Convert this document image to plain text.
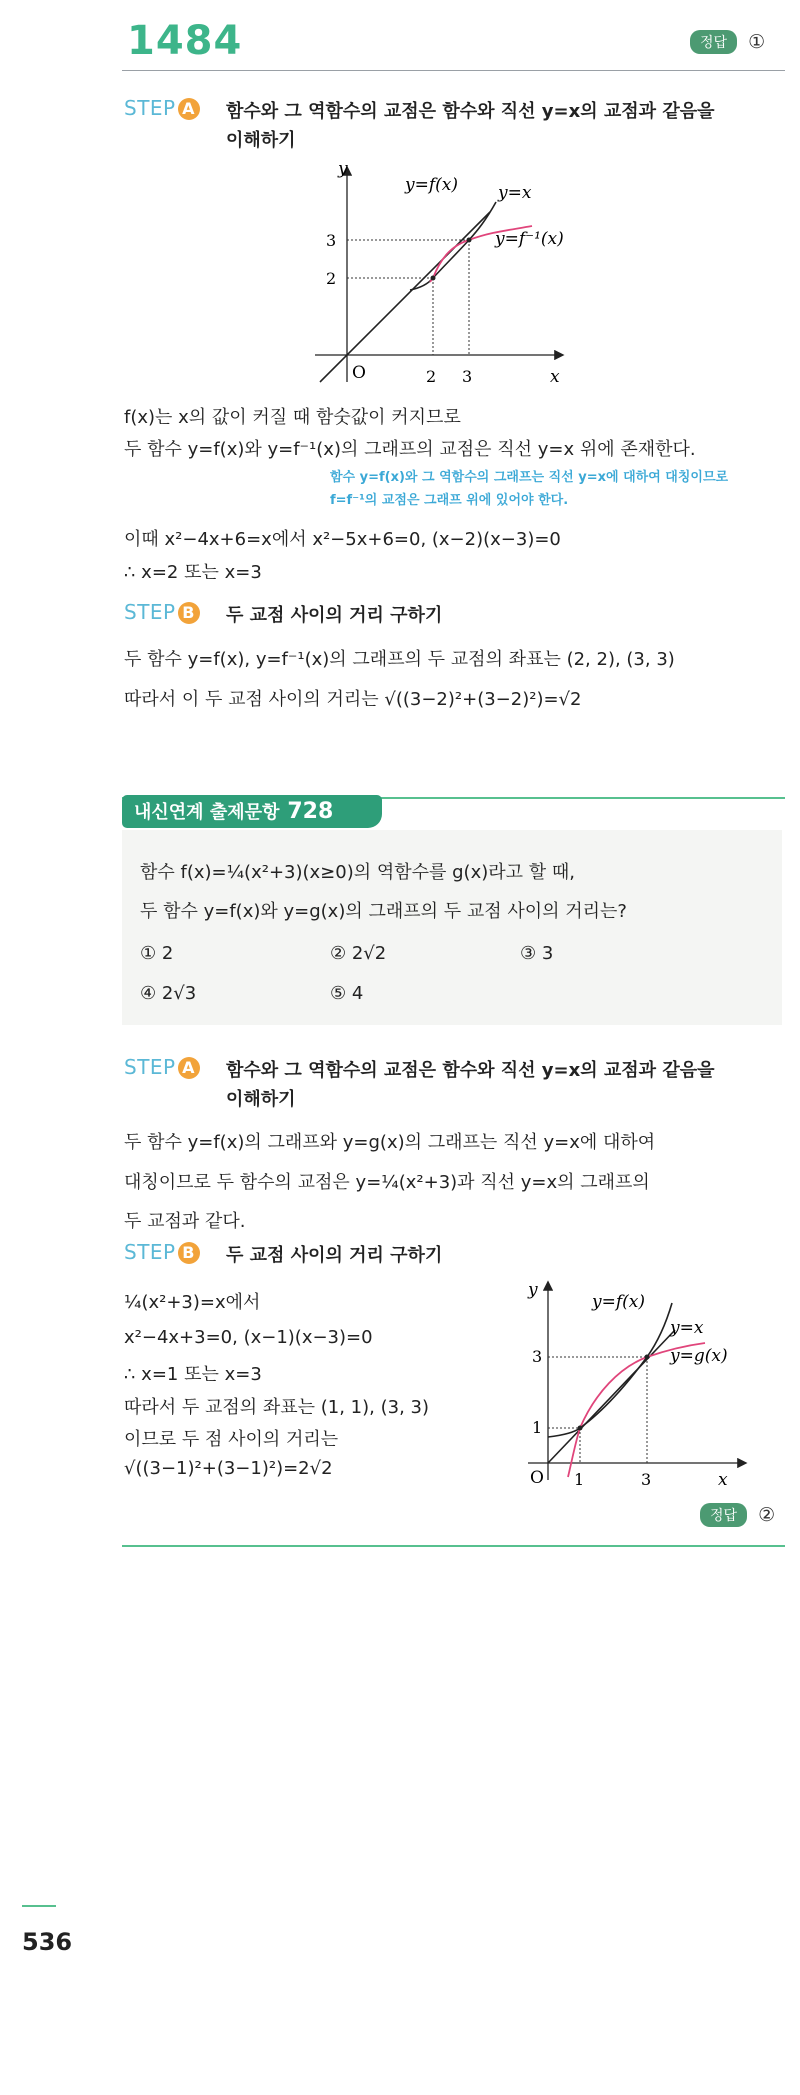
1484	정답 ①
STEP A 함수와 그 역함수의 교점은 함수와 직선 y=x의 교점과 같음을
이해하기
y
x
O	2 3
2
3
y=f(x) y=x
y=f⁻¹(x)
f(x)는 x의 값이 커질 때 함숫값이 커지므로
두 함수 y=f(x)와 y=f⁻¹(x)의 그래프의 교점은 직선 y=x 위에 존재한다.
함수 y=f(x)와 그 역함수의 그래프는 직선 y=x에 대하여 대칭이므로
f=f⁻¹의 교점은 그래프 위에 있어야 한다.
이때 x²−4x+6=x에서 x²−5x+6=0, (x−2)(x−3)=0
∴ x=2 또는 x=3
STEP B 두 교점 사이의 거리 구하기
두 함수 y=f(x), y=f⁻¹(x)의 그래프의 두 교점의 좌표는 (2, 2), (3, 3)
따라서 이 두 교점 사이의 거리는 √((3−2)²+(3−2)²)=√2
내신연계 출제문항 728
함수 f(x)=¼(x²+3)(x≥0)의 역함수를 g(x)라고 할 때,
두 함수 y=f(x)와 y=g(x)의 그래프의 두 교점 사이의 거리는?
① 2	② 2√2	③ 3
④ 2√3	⑤ 4
STEP A 함수와 그 역함수의 교점은 함수와 직선 y=x의 교점과 같음을
이해하기
두 함수 y=f(x)의 그래프와 y=g(x)의 그래프는 직선 y=x에 대하여
대칭이므로 두 함수의 교점은 y=¼(x²+3)과 직선 y=x의 그래프의
두 교점과 같다.
STEP B 두 교점 사이의 거리 구하기
¼(x²+3)=x에서
x²−4x+3=0, (x−1)(x−3)=0
∴ x=1 또는 x=3
따라서 두 교점의 좌표는 (1, 1), (3, 3)
이므로 두 점 사이의 거리는
√((3−1)²+(3−1)²)=2√2
y
x
O 1	3
1
3
y=f(x)
y=x
y=g(x)
정답 ②
536
